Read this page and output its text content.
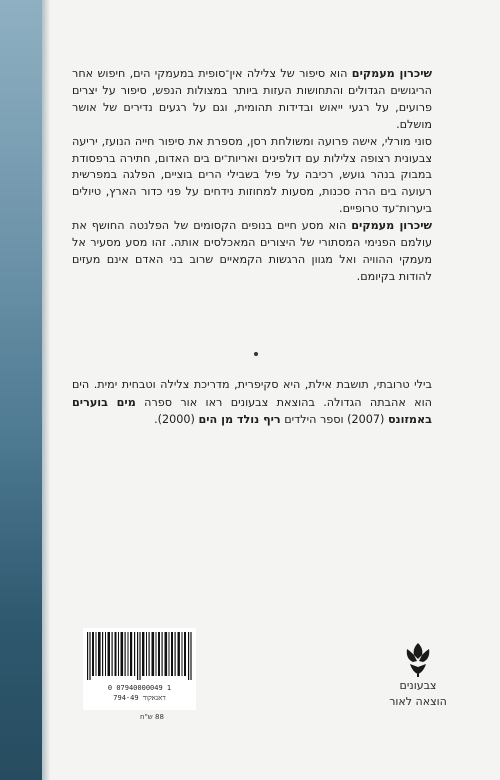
שיכרון מעמקים הוא סיפור של צלילה אין־סופית במעמקי הים, חיפוש אחר הריגושים הגדולים והתחושות העזות ביותר במצולות הנפש, סיפור על יצרים פרועים, על רגעי ייאוש ובדידות תהומית, וגם על רגעים נדירים של אושר מושלם.

סוני מורלי, אישה פרועה ומשולחת רסן, מספרת את סיפור חייה הנועז, יריעה צבעונית רצופה צלילות עם דולפינים ואריות־ים בים האדום, חתירה ברפסודת במבוק בנהר גועש, רכיבה על פיל בשבילי הרים בוציים, הפלגה במפרשית רעועה בים הרה סכנות, מסעות למחוזות נידחים על פני כדור הארץ, טיולים ביערות־עד טרופיים.

שיכרון מעמקים הוא מסע חיים בנופים הקסומים של הפלנטה החושף את עולמם הפנימי המסתורי של היצורים המאכלסים אותה. זהו מסע מסעיר אל מעמקי ההוויה ואל מגוון הרגשות הקמאיים שרוב בני האדם אינם מעזים להודות בקיומם.

בילי טרובתי, תושבת אילת, היא סקיפרית, מדריכת צלילה וטבחית ימית. הים הוא אהבתה הגדולה. בהוצאת צבעונים ראו אור ספרה מים בוערים באמזונס (2007) וספר הילדים ריף נולד מן הים (2000).
0 07940000049 1
794-49 דאנאקוד
88 ש"ח
צבעונים
הוצאה לאור
